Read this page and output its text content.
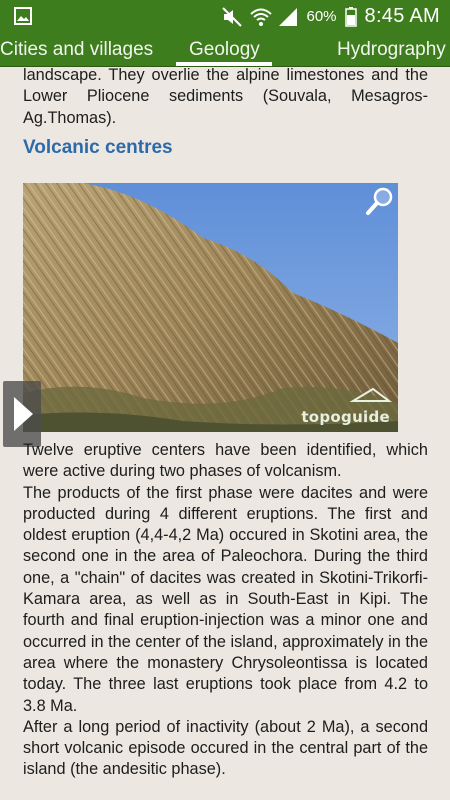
60% 8:45 AM
Cities and villages Geology	Hydrography

landscape. They overlie the alpine limestones and the Lower Pliocene sediments (Souvala, Mesagros-Ag.Thomas).

Volcanic centres
topoguide

Twelve eruptive centers have been identified, which were active during two phases of volcanism.

The products of the first phase were dacites and were producted during 4 different eruptions. The first and oldest eruption (4,4-4,2 Ma) occured in Skotini area, the second one in the area of Paleochora. During the third one, a "chain" of dacites was created in Skotini-Trikorfi-Kamara area, as well as in South-East in Kipi. The fourth and final eruption-injection was a minor one and occurred in the center of the island, approximately in the area where the monastery Chrysoleontissa is located today. The three last eruptions took place from 4.2 to 3.8 Ma.

After a long period of inactivity (about 2 Ma), a second short volcanic episode occured in the central part of the island (the andesitic phase).
